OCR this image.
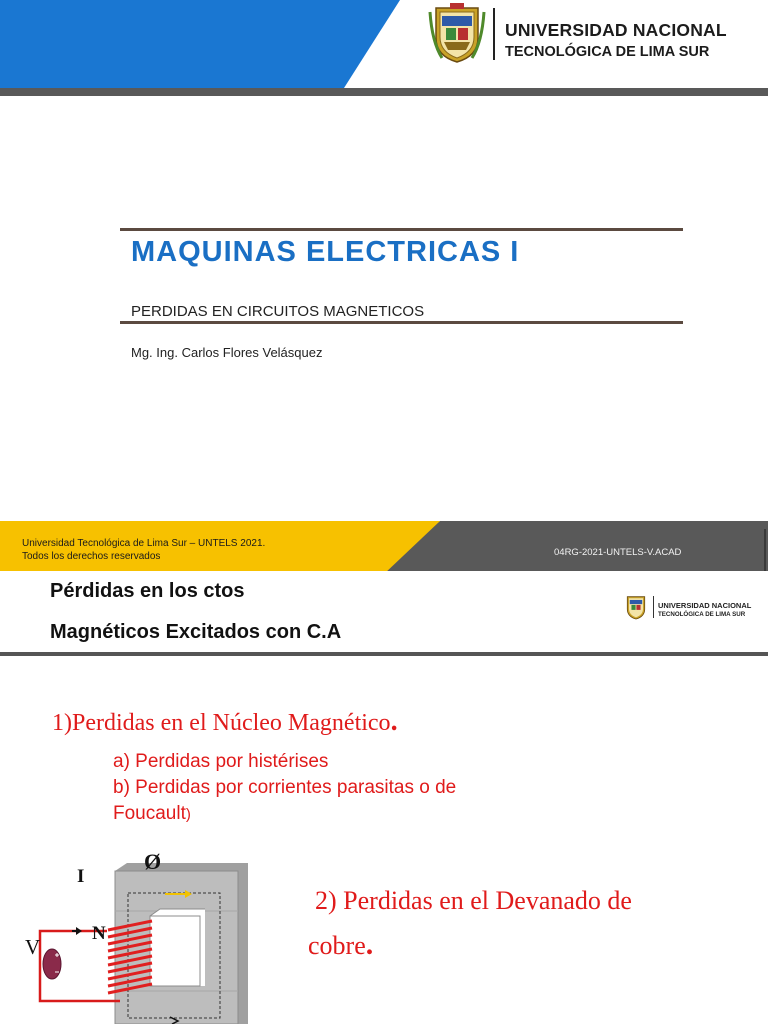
UNIVERSIDAD NACIONAL
TECNOLÓGICA DE LIMA SUR
MAQUINAS ELECTRICAS I
PERDIDAS EN CIRCUITOS MAGNETICOS
Mg. Ing. Carlos Flores Velásquez
Universidad Tecnológica de Lima Sur – UNTELS 2021.
Todos los derechos reservados	04RG-2021-UNTELS-V.ACAD
Pérdidas en los ctos
Magnéticos Excitados con C.A
UNIVERSIDAD NACIONAL
TECNOLÓGICA DE LIMA SUR
1)Perdidas en el Núcleo Magnético.
a) Perdidas por histérises
b) Perdidas por corrientes parasitas o de
Foucault)
2) Perdidas en el Devanado de
cobre.
Ø
I
N
V
